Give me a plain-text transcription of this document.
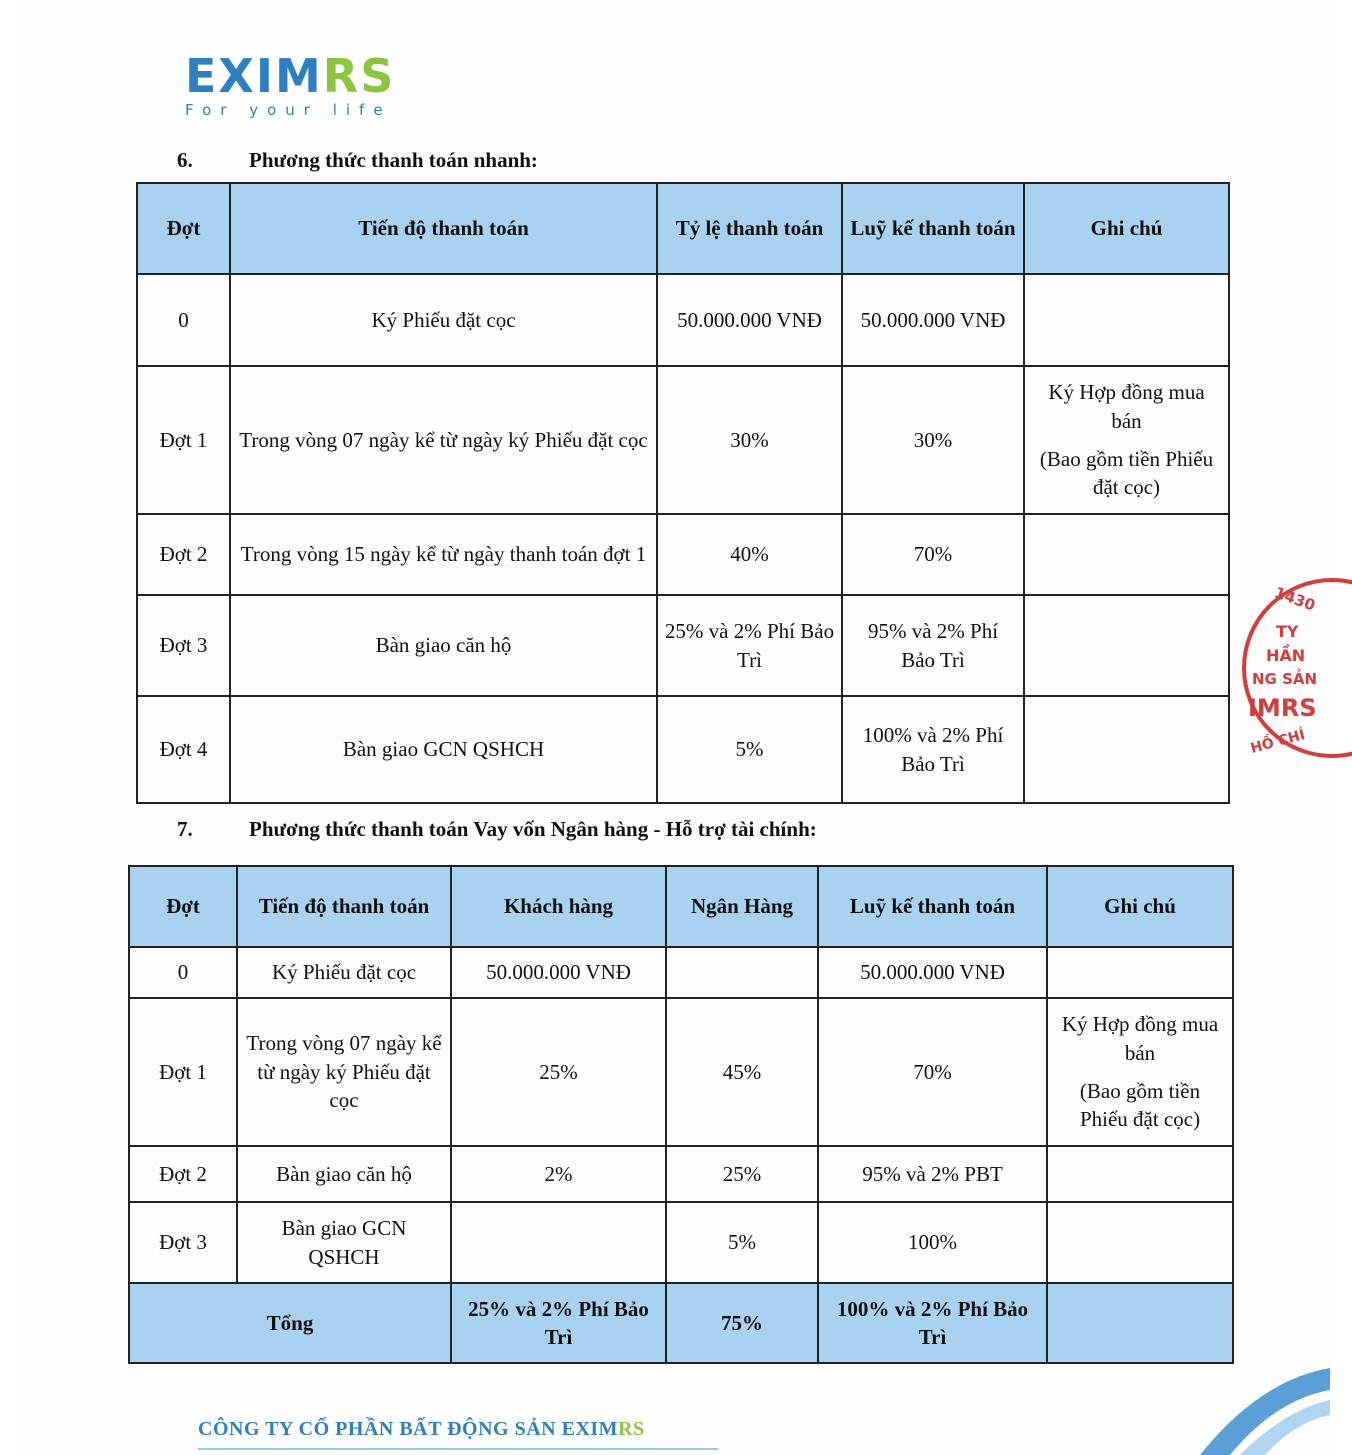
EXIMRS
For your life
6.	Phương thức thanh toán nhanh:
Đợt	Tiến độ thanh toán	Tỷ lệ thanh toán	Luỹ kế thanh toán	Ghi chú
0	Ký Phiếu đặt cọc	50.000.000 VNĐ	50.000.000 VNĐ	
Đợt 1	Trong vòng 07 ngày kể từ ngày ký Phiếu đặt cọc	30%	30%	Ký Hợp đồng mua bán
(Bao gồm tiền Phiếu đặt cọc)

Đợt 2	Trong vòng 15 ngày kể từ ngày thanh toán đợt 1	40%	70%	
Đợt 3	Bàn giao căn hộ	25% và 2% Phí Bảo Trì	95% và 2% Phí Bảo Trì	
Đợt 4	Bàn giao GCN QSHCH	5%	100% và 2% Phí Bảo Trì	
7.	Phương thức thanh toán Vay vốn Ngân hàng - Hỗ trợ tài chính:
Đợt	Tiến độ thanh toán	Khách hàng	Ngân Hàng	Luỹ kế thanh toán	Ghi chú
0	Ký Phiếu đặt cọc	50.000.000 VNĐ		50.000.000 VNĐ	
Đợt 1	Trong vòng 07 ngày kể từ ngày ký Phiếu đặt cọc	25%	45%	70%	Ký Hợp đồng mua bán
(Bao gồm tiền Phiếu đặt cọc)

Đợt 2	Bàn giao căn hộ	2%	25%	95% và 2% PBT	
Đợt 3	Bàn giao GCN QSHCH		5%	100%	
Tổng		25% và 2% Phí Bảo Trì	75%	100% và 2% Phí Bảo Trì	
CÔNG TY CỔ PHẦN BẤT ĐỘNG SẢN EXIMRS
1430
TY
HẦN
NG SẢN
IMRS
HỒ CHÍ
